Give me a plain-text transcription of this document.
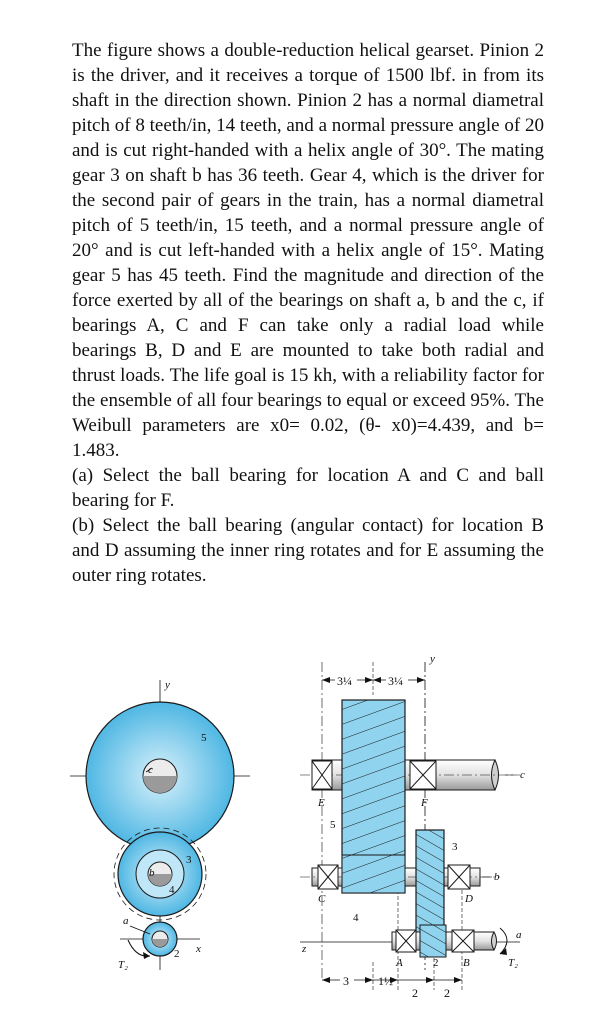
The figure shows a double-reduction helical gearset. Pinion 2 is the driver, and it receives a torque of 1500 lbf. in from its shaft in the direction shown. Pinion 2 has a normal diametral pitch of 8 teeth/in, 14 teeth, and a normal pressure angle of 20 and is cut right-handed with a helix angle of 30°. The mating gear 3 on shaft b has 36 teeth. Gear 4, which is the driver for the second pair of gears in the train, has a normal diametral pitch of 5 teeth/in, 15 teeth, and a normal pressure angle of 20° and is cut left-handed with a helix angle of 15°. Mating gear 5 has 45 teeth. Find the magnitude and direction of the force exerted by all of the bearings on shaft a, b and the c, if bearings A, C and F can take only a radial load while bearings B, D and E are mounted to take both radial and thrust loads. The life goal is 15 kh, with a reliability factor for the ensemble of all four bearings to equal or exceed 95%. The Weibull parameters are x0= 0.02, (θ- x0)=4.439, and b= 1.483.

(a) Select the ball bearing for location A and C and ball bearing for F.

(b) Select the ball bearing (angular contact) for location B and D assuming the inner ring rotates and for E assuming the outer ring rotates.

y
x
5
3
4
2
c
b
a
T₂
3¼	3¼
3 1½
2 2
y
z
E	F
C	D
A	B
5
3
4
2
c
b
a
T₂
